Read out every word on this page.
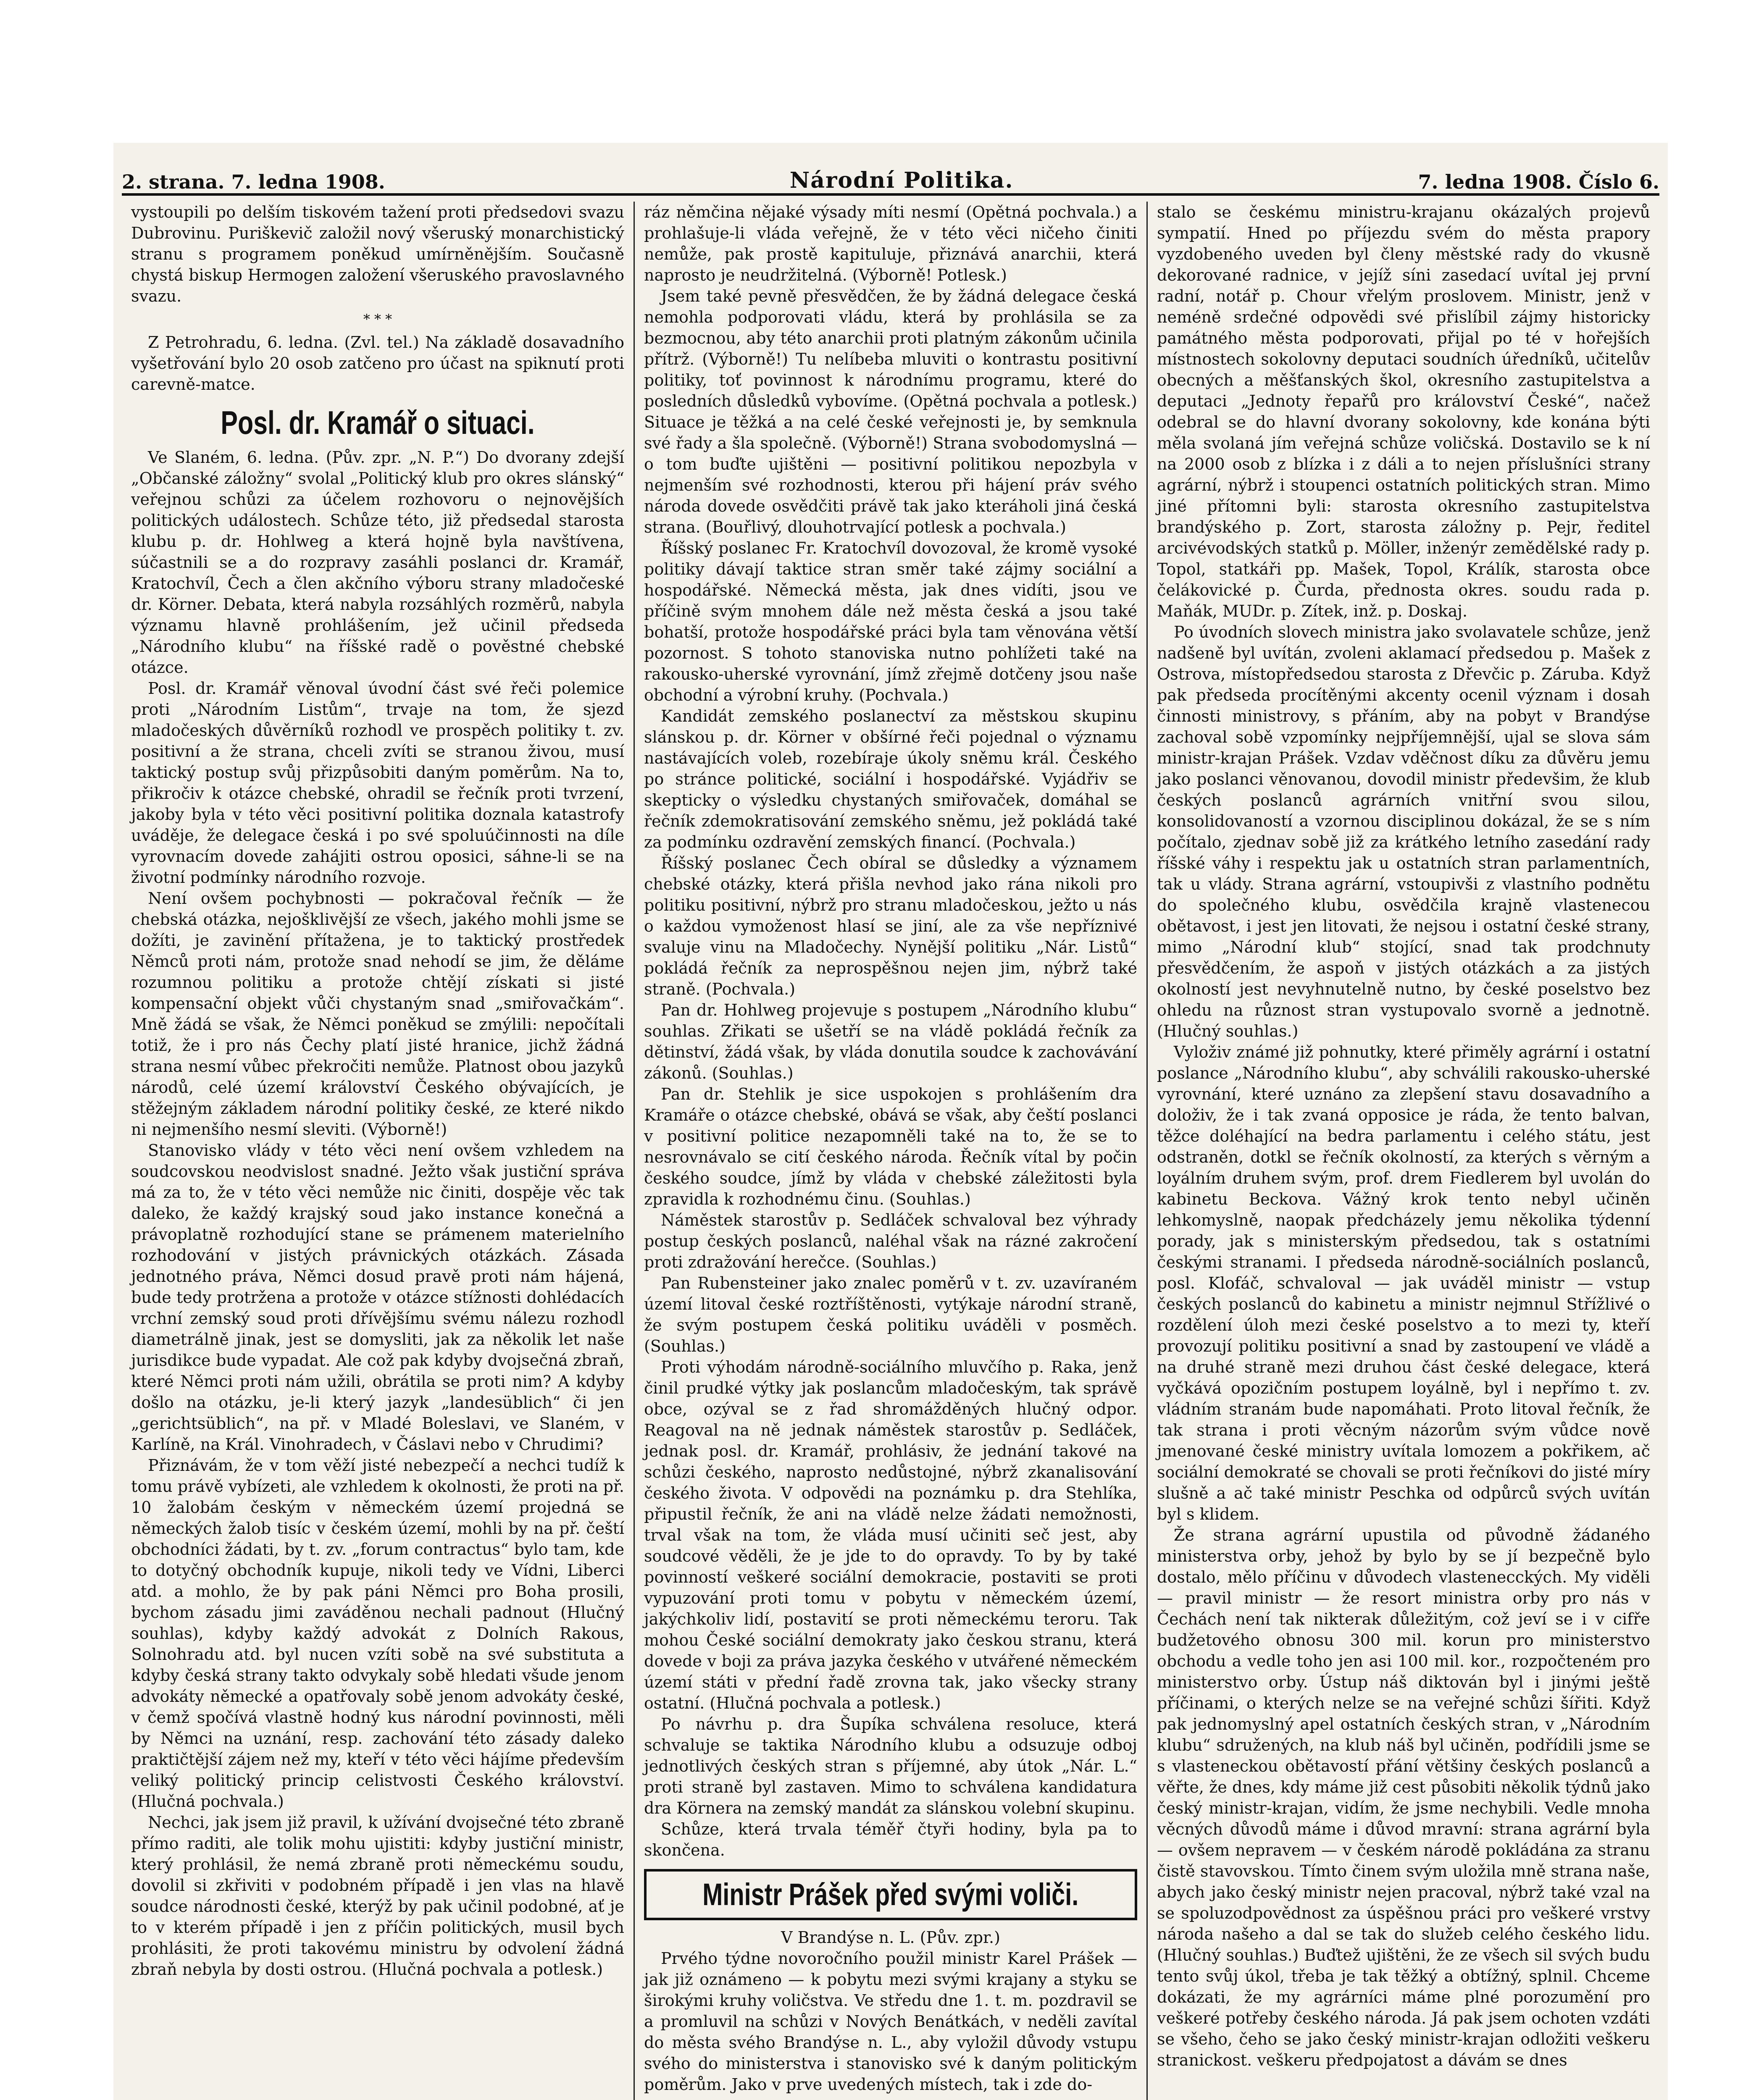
2. strana. 7. ledna 1908.	Národní Politika.	7. ledna 1908. Číslo 6.

vystoupili po delším tiskovém tažení proti předsedovi svazu Dubrovinu. Puriškevič založil nový všeruský monarchistický stranu s programem poněkud umírněnějším. Současně chystá biskup Hermogen založení všeruského pravoslavného svazu.

* * *

Z Petrohradu, 6. ledna. (Zvl. tel.) Na základě dosavadního vyšetřování bylo 20 osob zatčeno pro účast na spiknutí proti carevně-matce.

Posl. dr. Kramář o situaci.

Ve Slaném, 6. ledna. (Pův. zpr. „N. P.“) Do dvorany zdejší „Občanské záložny“ svolal „Politický klub pro okres slánský“ veřejnou schůzi za účelem rozhovoru o nejnovějších politických událostech. Schůze této, již předsedal starosta klubu p. dr. Hohlweg a která hojně byla navštívena, súčastnili se a do rozpravy zasáhli poslanci dr. Kramář, Kratochvíl, Čech a člen akčního výboru strany mladočeské dr. Körner. Debata, která nabyla rozsáhlých rozměrů, nabyla významu hlavně prohlášením, jež učinil předseda „Národního klubu“ na říšské radě o pověstné chebské otázce.

Posl. dr. Kramář věnoval úvodní část své řeči polemice proti „Národním Listům“, trvaje na tom, že sjezd mladočeských důvěrníků rozhodl ve prospěch politiky t. zv. positivní a že strana, chceli zvíti se stranou živou, musí taktický postup svůj přizpůsobiti daným poměrům. Na to, přikročiv k otázce chebské, ohradil se řečník proti tvrzení, jakoby byla v této věci positivní politika doznala katastrofy uváděje, že delegace česká i po své spoluúčinnosti na díle vyrovnacím dovede zahájiti ostrou oposici, sáhne-li se na životní podmínky národního rozvoje.

Není ovšem pochybnosti — pokračoval řečník — že chebská otázka, nejošklivější ze všech, jakého mohli jsme se dožíti, je zavinění přítažena, je to taktický prostředek Němců proti nám, protože snad nehodí se jim, že děláme rozumnou politiku a protože chtějí získati si jisté kompensační objekt vůči chystaným snad „smiřovačkám“. Mně žádá se však, že Němci poněkud se zmýlili: nepočítali totiž, že i pro nás Čechy platí jisté hranice, jichž žádná strana nesmí vůbec překročiti nemůže. Platnost obou jazyků národů, celé území království Českého obývajících, je stěžejným základem národní politiky české, ze které nikdo ni nejmenšího nesmí sleviti. (Výborně!)

Stanovisko vlády v této věci není ovšem vzhledem na soudcovskou neodvislost snadné. Ježto však justiční správa má za to, že v této věci nemůže nic činiti, dospěje věc tak daleko, že každý krajský soud jako instance konečná a právoplatně rozhodující stane se prámenem materielního rozhodování v jistých právnických otázkách. Zásada jednotného práva, Němci dosud pravě proti nám hájená, bude tedy protržena a protože v otázce stížnosti dohlédacích vrchní zemský soud proti dřívějšímu svému nálezu rozhodl diametrálně jinak, jest se domysliti, jak za několik let naše jurisdikce bude vypadat. Ale což pak kdyby dvojsečná zbraň, které Němci proti nám užili, obrátila se proti nim? A kdyby došlo na otázku, je-li který jazyk „landesüblich“ či jen „gerichtsüblich“, na př. v Mladé Boleslavi, ve Slaném, v Karlíně, na Král. Vinohradech, v Čáslavi nebo v Chrudimi?

Přiznávám, že v tom věží jisté nebezpečí a nechci tudíž k tomu právě vybízeti, ale vzhledem k okolnosti, že proti na př. 10 žalobám českým v německém území projedná se německých žalob tisíc v českém území, mohli by na př. čeští obchodníci žádati, by t. zv. „forum contractus“ bylo tam, kde to dotyčný obchodník kupuje, nikoli tedy ve Vídni, Liberci atd. a mohlo, že by pak páni Němci pro Boha prosili, bychom zásadu jimi zaváděnou nechali padnout (Hlučný souhlas), kdyby každý advokát z Dolních Rakous, Solnohradu atd. byl nucen vzíti sobě na své substituta a kdyby česká strany takto odvykaly sobě hledati všude jenom advokáty německé a opatřovaly sobě jenom advokáty české, v čemž spočívá vlastně hodný kus národní povinnosti, měli by Němci na uznání, resp. zachování této zásady daleko praktičtější zájem než my, kteří v této věci hájíme především veliký politický princip celistvosti Českého království. (Hlučná pochvala.)

Nechci, jak jsem již pravil, k užívání dvojsečné této zbraně přímo raditi, ale tolik mohu ujistiti: kdyby justiční ministr, který prohlásil, že nemá zbraně proti německému soudu, dovolil si zkřiviti v podobném případě i jen vlas na hlavě soudce národnosti české, kterýž by pak učinil podobné, ať je to v kterém případě i jen z příčin politických, musil bych prohlásiti, že proti takovému ministru by odvolení žádná zbraň nebyla by dosti ostrou. (Hlučná pochvala a potlesk.)

ráz němčina nějaké výsady míti nesmí (Opětná pochvala.) a prohlašuje-li vláda veřejně, že v této věci ničeho činiti nemůže, pak prostě kapituluje, přiznává anarchii, která naprosto je neudržitelná. (Výborně! Potlesk.)

Jsem také pevně přesvědčen, že by žádná delegace česká nemohla podporovati vládu, která by prohlásila se za bezmocnou, aby této anarchii proti platným zákonům učinila přítrž. (Výborně!) Tu nelíbeba mluviti o kontrastu positivní politiky, toť povinnost k národnímu programu, které do posledních důsledků vybovíme. (Opětná pochvala a potlesk.) Situace je těžká a na celé české veřejnosti je, by semknula své řady a šla společně. (Výborně!) Strana svobodomyslná — o tom buďte ujištěni — positivní politikou nepozbyla v nejmenším své rozhodnosti, kterou při hájení práv svého národa dovede osvědčiti právě tak jako kteráholi jiná česká strana. (Bouřlivý, dlouhotrvající potlesk a pochvala.)

Říšský poslanec Fr. Kratochvíl dovozoval, že kromě vysoké politiky dávají taktice stran směr také zájmy sociální a hospodářské. Německá města, jak dnes vidíti, jsou ve příčině svým mnohem dále než města česká a jsou také bohatší, protože hospodářské práci byla tam věnována větší pozornost. S tohoto stanoviska nutno pohlížeti také na rakousko-uherské vyrovnání, jímž zřejmě dotčeny jsou naše obchodní a výrobní kruhy. (Pochvala.)

Kandidát zemského poslanectví za městskou skupinu slánskou p. dr. Körner v obšírné řeči pojednal o významu nastávajících voleb, rozebíraje úkoly sněmu král. Českého po stránce politické, sociální i hospodářské. Vyjádřiv se skepticky o výsledku chystaných smiřovaček, domáhal se řečník zdemokratisování zemského sněmu, jež pokládá také za podmínku ozdravění zemských financí. (Pochvala.)

Říšský poslanec Čech obíral se důsledky a významem chebské otázky, která přišla nevhod jako rána nikoli pro politiku positivní, nýbrž pro stranu mladočeskou, ježto u nás o každou vymoženost hlasí se jiní, ale za vše nepříznivé svaluje vinu na Mladočechy. Nynější politiku „Nár. Listů“ pokládá řečník za neprospěšnou nejen jim, nýbrž také straně. (Pochvala.)

Pan dr. Hohlweg projevuje s postupem „Národního klubu“ souhlas. Zřikati se ušetří se na vládě pokládá řečník za dětinství, žádá však, by vláda donutila soudce k zachovávání zákonů. (Souhlas.)

Pan dr. Stehlik je sice uspokojen s prohlášením dra Kramáře o otázce chebské, obává se však, aby čeští poslanci v positivní politice nezapomněli také na to, že se to nesrovnávalo se cití českého národa. Řečník vítal by počin českého soudce, jímž by vláda v chebské záležitosti byla zpravidla k rozhodnému činu. (Souhlas.)

Náměstek starostův p. Sedláček schvaloval bez výhrady postup českých poslanců, naléhal však na rázné zakročení proti zdražování herečce. (Souhlas.)

Pan Rubensteiner jako znalec poměrů v t. zv. uzavíraném území litoval české roztříštěnosti, vytýkaje národní straně, že svým postupem česká politiku uváděli v posměch. (Souhlas.)

Proti výhodám národně-sociálního mluvčího p. Raka, jenž činil prudké výtky jak poslancům mladočeským, tak správě obce, ozýval se z řad shromážděných hlučný odpor. Reagoval na ně jednak náměstek starostův p. Sedláček, jednak posl. dr. Kramář, prohlásiv, že jednání takové na schůzi českého, naprosto nedůstojné, nýbrž zkanalisování českého života. V odpovědi na poznámku p. dra Stehlíka, připustil řečník, že ani na vládě nelze žádati nemožnosti, trval však na tom, že vláda musí učiniti seč jest, aby soudcové věděli, že je jde to do opravdy. To by by také povinností veškeré sociální demokracie, postaviti se proti vypuzování proti tomu v pobytu v německém území, jakýchkoliv lidí, postavití se proti německému teroru. Tak mohou České sociální demokraty jako českou stranu, která dovede v boji za práva jazyka českého v utvářené německém území státi v přední řadě zrovna tak, jako všecky strany ostatní. (Hlučná pochvala a potlesk.)

Po návrhu p. dra Šupíka schválena resoluce, která schvaluje se taktika Národního klubu a odsuzuje odboj jednotlivých českých stran s příjemné, aby útok „Nár. L.“ proti straně byl zastaven. Mimo to schválena kandidatura dra Körnera na zemský mandát za slánskou volební skupinu.

Schůze, která trvala téměř čtyři hodiny, byla pa to skončena.

Ministr Prášek před svými voliči.

V Brandýse n. L. (Pův. zpr.)

Prvého týdne novoročního použil ministr Karel Prášek — jak již oznámeno — k pobytu mezi svými krajany a styku se širokými kruhy voličstva. Ve středu dne 1. t. m. pozdravil se a promluvil na schůzi v Nových Benátkách, v neděli zavítal do města svého Brandýse n. L., aby vyložil důvody vstupu svého do ministerstva i stanovisko své k daným politickým poměrům. Jako v prve uvedených místech, tak i zde do-

stalo se českému ministru-krajanu okázalých projevů sympatií. Hned po příjezdu svém do města prapory vyzdobeného uveden byl členy městské rady do vkusně dekorované radnice, v jejíž síni zasedací uvítal jej první radní, notář p. Chour vřelým proslovem. Ministr, jenž v neméně srdečné odpovědi své přislíbil zájmy historicky památného města podporovati, přijal po té v hořejších místnostech sokolovny deputaci soudních úředníků, učitelův obecných a měšťanských škol, okresního zastupitelstva a deputaci „Jednoty řepařů pro království České“, načež odebral se do hlavní dvorany sokolovny, kde konána býti měla svolaná jím veřejná schůze voličská. Dostavilo se k ní na 2000 osob z blízka i z dáli a to nejen příslušníci strany agrární, nýbrž i stoupenci ostatních politických stran. Mimo jiné přítomni byli: starosta okresního zastupitelstva brandýského p. Zort, starosta záložny p. Pejr, ředitel arcivévodských statků p. Möller, inženýr zemědělské rady p. Topol, statkáři pp. Mašek, Topol, Králík, starosta obce čelákovické p. Čurda, přednosta okres. soudu rada p. Maňák, MUDr. p. Zítek, inž. p. Doskaj.

Po úvodních slovech ministra jako svolavatele schůze, jenž nadšeně byl uvítán, zvoleni aklamací předsedou p. Mašek z Ostrova, místopředsedou starosta z Dřevčic p. Záruba. Když pak předseda procítěnými akcenty ocenil význam i dosah činnosti ministrovy, s přáním, aby na pobyt v Brandýse zachoval sobě vzpomínky nejpříjemnější, ujal se slova sám ministr-krajan Prášek. Vzdav vděčnost díku za důvěru jemu jako poslanci věnovanou, dovodil ministr předevšim, že klub českých poslanců agrárních vnitřní svou silou, konsolidovaností a vzornou disciplinou dokázal, že se s ním počítalo, zjednav sobě již za krátkého letního zasedání rady říšské váhy i respektu jak u ostatních stran parlamentních, tak u vlády. Strana agrární, vstoupivši z vlastního podnětu do společného klubu, osvědčila krajně vlastenecou obětavost, i jest jen litovati, že nejsou i ostatní české strany, mimo „Národní klub“ stojící, snad tak prodchnuty přesvědčením, že aspoň v jistých otázkách a za jistých okolností jest nevyhnutelně nutno, by české poselstvo bez ohledu na různost stran vystupovalo svorně a jednotně. (Hlučný souhlas.)

Vyloživ známé již pohnutky, které přiměly agrární i ostatní poslance „Národního klubu“, aby schválili rakousko-uherské vyrovnání, které uznáno za zlepšení stavu dosavadního a doloživ, že i tak zvaná opposice je ráda, že tento balvan, těžce doléhající na bedra parlamentu i celého státu, jest odstraněn, dotkl se řečník okolností, za kterých s věrným a loyálním druhem svým, prof. drem Fiedlerem byl uvolán do kabinetu Beckova. Vážný krok tento nebyl učiněn lehkomyslně, naopak předcházely jemu několika týdenní porady, jak s ministerským předsedou, tak s ostatními českými stranami. I předseda národně-sociálních poslanců, posl. Klofáč, schvaloval — jak uváděl ministr — vstup českých poslanců do kabinetu a ministr nejmnul Střížlivé o rozdělení úloh mezi české poselstvo a to mezi ty, kteří provozují politiku positivní a snad by zastoupení ve vládě a na druhé straně mezi druhou část české delegace, která vyčkává opozičním postupem loyálně, byl i nepřímo t. zv. vládním stranám bude napomáhati. Proto litoval řečník, že tak strana i proti věcným názorům svým vůdce nově jmenované české ministry uvítala lomozem a pokřikem, ač sociální demokraté se chovali se proti řečníkovi do jisté míry slušně a ač také ministr Peschka od odpůrců svých uvítán byl s klidem.

Že strana agrární upustila od původně žádaného ministerstva orby, jehož by bylo by se jí bezpečně bylo dostalo, mělo příčinu v důvodech vlastenecckých. My viděli — pravil ministr — že resort ministra orby pro nás v Čechách není tak nikterak důležitým, což jeví se i v cifře budžetového obnosu 300 mil. korun pro ministerstvo obchodu a vedle toho jen asi 100 mil. kor., rozpočteném pro ministerstvo orby. Ústup náš diktován byl i jinými ještě příčinami, o kterých nelze se na veřejné schůzi šířiti. Když pak jednomyslný apel ostatních českých stran, v „Národním klubu“ sdružených, na klub náš byl učiněn, podřídili jsme se s vlasteneckou obětavostí přání většiny českých poslanců a věřte, že dnes, kdy máme již cest působiti několik týdnů jako český ministr-krajan, vidím, že jsme nechybili. Vedle mnoha věcných důvodů máme i důvod mravní: strana agrární byla — ovšem nepravem — v českém národě pokládána za stranu čistě stavovskou. Tímto činem svým uložila mně strana naše, abych jako český ministr nejen pracoval, nýbrž také vzal na se spoluzodpovědnost za úspěšnou práci pro veškeré vrstvy národa našeho a dal se tak do služeb celého českého lidu. (Hlučný souhlas.) Buďtež ujištěni, že ze všech sil svých budu tento svůj úkol, třeba je tak těžký a obtížný, splnil. Chceme dokázati, že my agrárníci máme plné porozumění pro veškeré potřeby českého národa. Já pak jsem ochoten vzdáti se všeho, čeho se jako český ministr-krajan odložiti veškeru stranickost. veškeru předpojatost a dávám se dnes
